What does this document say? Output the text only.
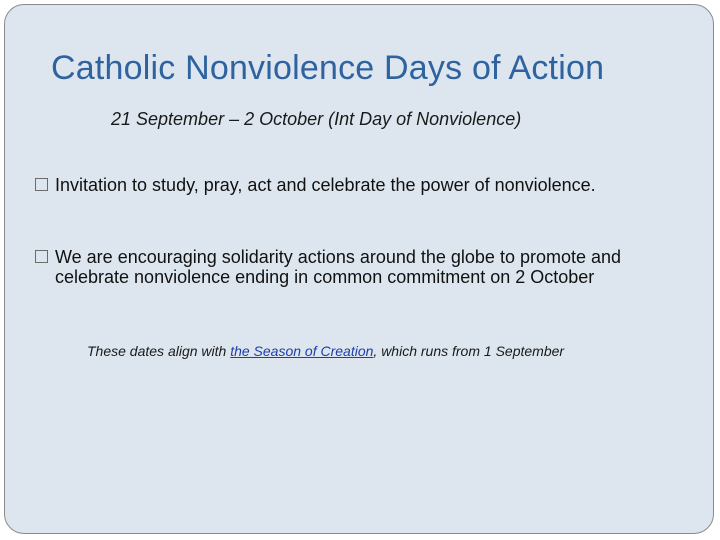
Catholic Nonviolence Days of Action
21 September – 2 October (Int Day of Nonviolence)
Invitation to study, pray, act and celebrate the power of nonviolence.
We are encouraging solidarity actions around the globe to promote and celebrate nonviolence ending in common commitment on 2 October
These dates align with the Season of Creation, which runs from 1 September
